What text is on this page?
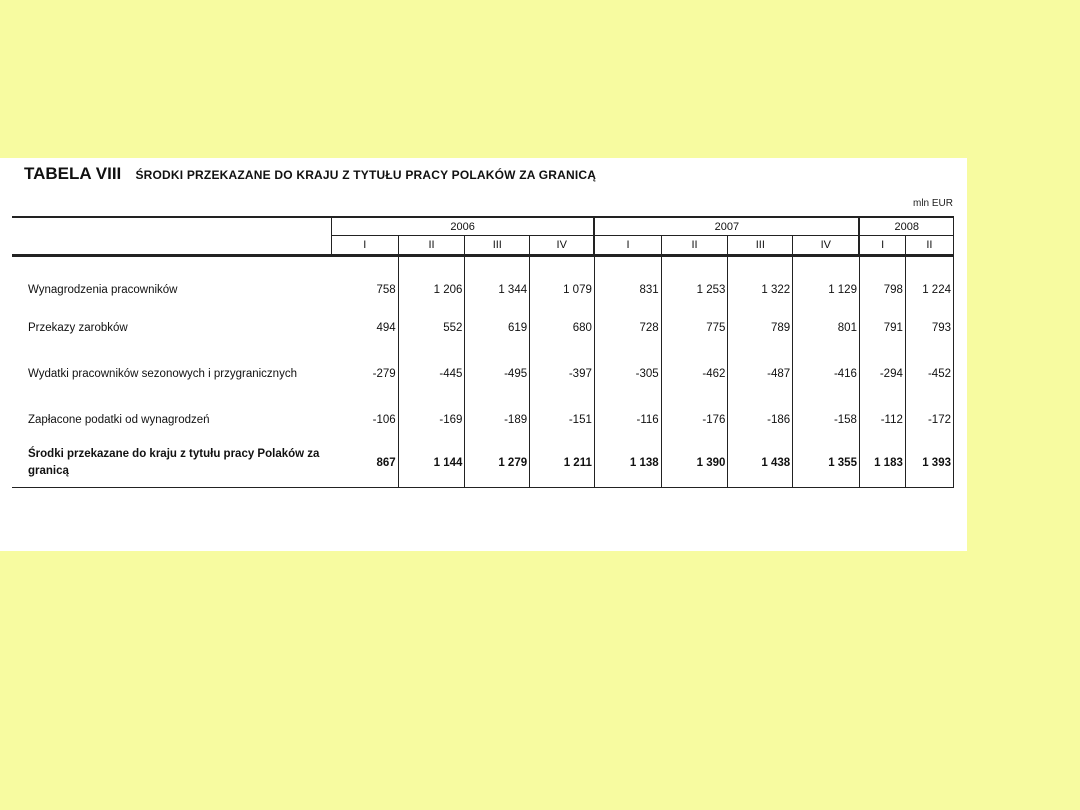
TABELA VIII ŚRODKI PRZEKAZANE DO KRAJU Z TYTUŁU PRACY POLAKÓW ZA GRANICĄ
mln EUR
	2006				2007				2008	
	I	II	III	IV	I	II	III	IV	I	II

Wynagrodzenia pracowników	758	1 206	1 344	1 079	831	1 253	1 322	1 129	798	1 224
Przekazy zarobków	494	552	619	680	728	775	789	801	791	793
Wydatki pracowników sezonowych i przygranicznych	-279	-445	-495	-397	-305	-462	-487	-416	-294	-452
Zapłacone podatki od wynagrodzeń	-106	-169	-189	-151	-116	-176	-186	-158	-112	-172
Środki przekazane do kraju z tytułu pracy Polaków za granicą	867	1 144	1 279	1 211	1 138	1 390	1 438	1 355	1 183	1 393
